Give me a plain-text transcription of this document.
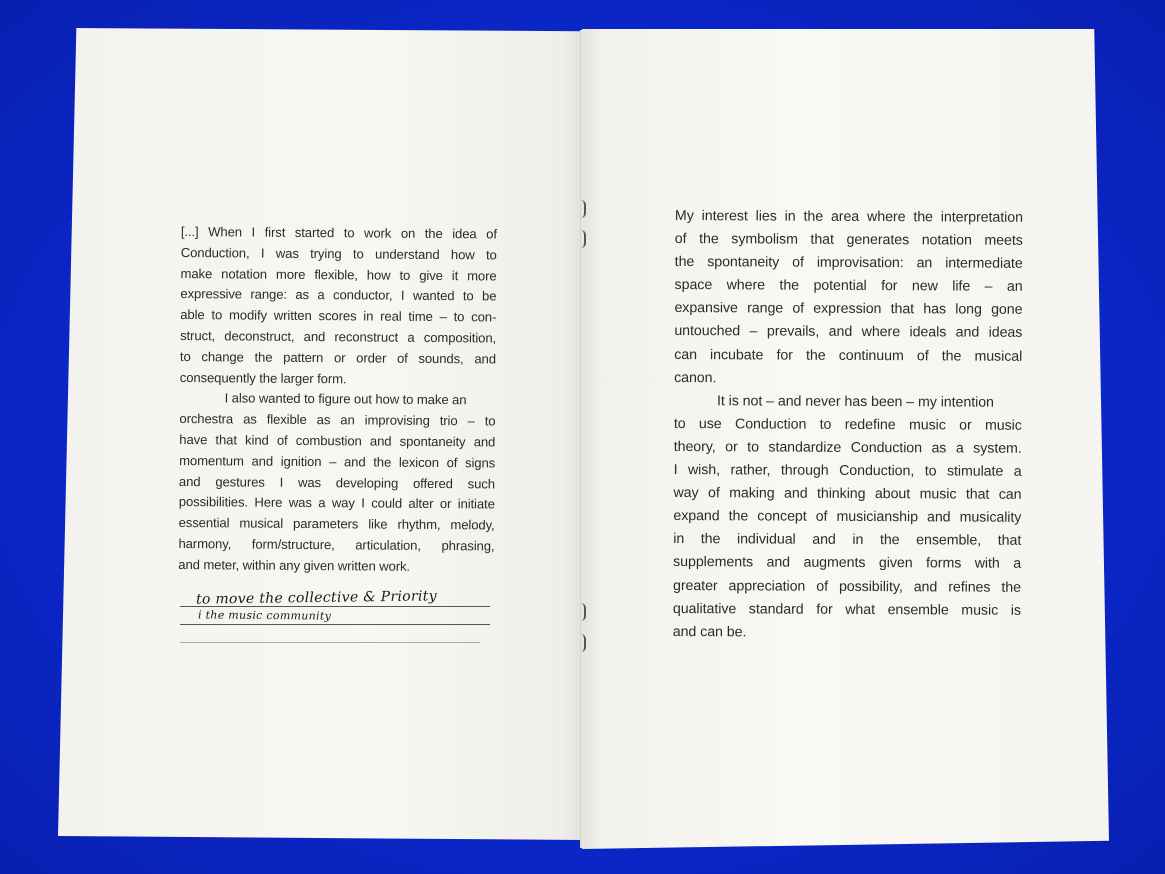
[...] When I first started to work on the idea of
Conduction, I was trying to understand how to
make notation more flexible, how to give it more
expressive range: as a conductor, I wanted to be
able to modify written scores in real time – to con-
struct, deconstruct, and reconstruct a composition,
to change the pattern or order of sounds, and
consequently the larger form.
I also wanted to figure out how to make an
orchestra as flexible as an improvising trio – to
have that kind of combustion and spontaneity and
momentum and ignition – and the lexicon of signs
and gestures I was developing offered such
possibilities. Here was a way I could alter or initiate
essential musical parameters like rhythm, melody,
harmony, form/structure, articulation, phrasing,
and meter, within any given written work.
to move the collective & Priority
i the music community
My interest lies in the area where the interpretation
of the symbolism that generates notation meets
the spontaneity of improvisation: an intermediate
space where the potential for new life – an
expansive range of expression that has long gone
untouched – prevails, and where ideals and ideas
can incubate for the continuum of the musical
canon.
It is not – and never has been – my intention
to use Conduction to redefine music or music
theory, or to standardize Conduction as a system.
I wish, rather, through Conduction, to stimulate a
way of making and thinking about music that can
expand the concept of musicianship and musicality
in the individual and in the ensemble, that
supplements and augments given forms with a
greater appreciation of possibility, and refines the
qualitative standard for what ensemble music is
and can be.
